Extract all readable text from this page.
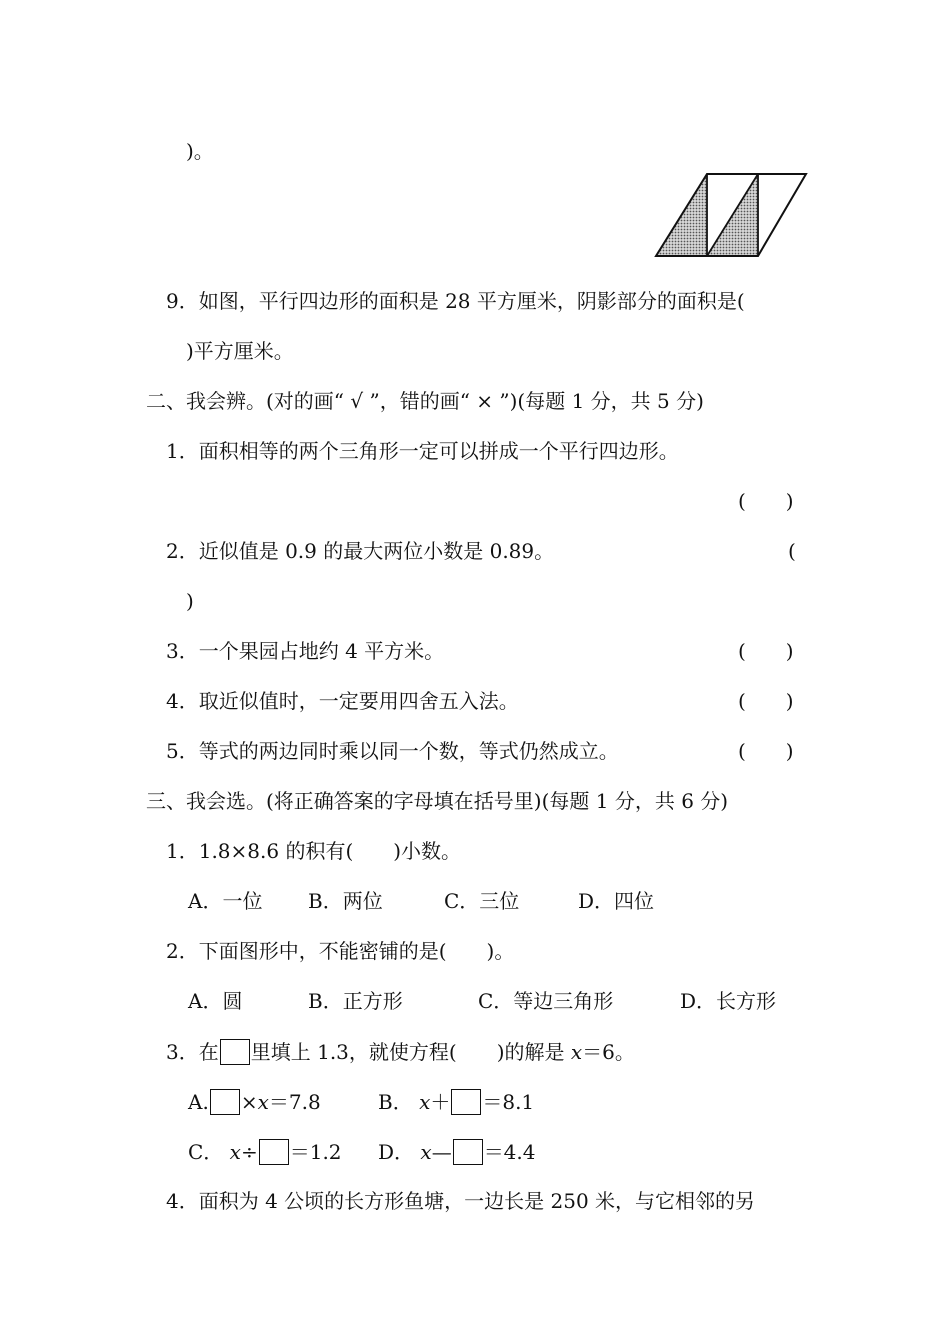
)。
9．如图，平行四边形的面积是 28 平方厘米，阴影部分的面积是(
)平方厘米。
二、我会辨。(对的画“ √ ”，错的画“ × ”)(每题 1 分，共 5 分)
1．面积相等的两个三角形一定可以拼成一个平行四边形。
(　　)
2．近似值是 0.9 的最大两位小数是 0.89。	(
)
3．一个果园占地约 4 平方米。	(　　)
4．取近似值时，一定要用四舍五入法。	(　　)
5．等式的两边同时乘以同一个数，等式仍然成立。	(　　)
三、我会选。(将正确答案的字母填在括号里)(每题 1 分，共 6 分)
1．1.8×8.6 的积有(　　)小数。
A．一位 B．两位	C．三位	D．四位
2．下面图形中，不能密铺的是(　　)。
A．圆	B．正方形	C．等边三角形	D．长方形
3．在 里填上 1.3，就使方程(　　)的解是 x＝6。
A. ×x＝7.8	B． x＋ ＝8.1
C． x÷ ＝1.2 D． x— ＝4.4
4．面积为 4 公顷的长方形鱼塘，一边长是 250 米，与它相邻的另
